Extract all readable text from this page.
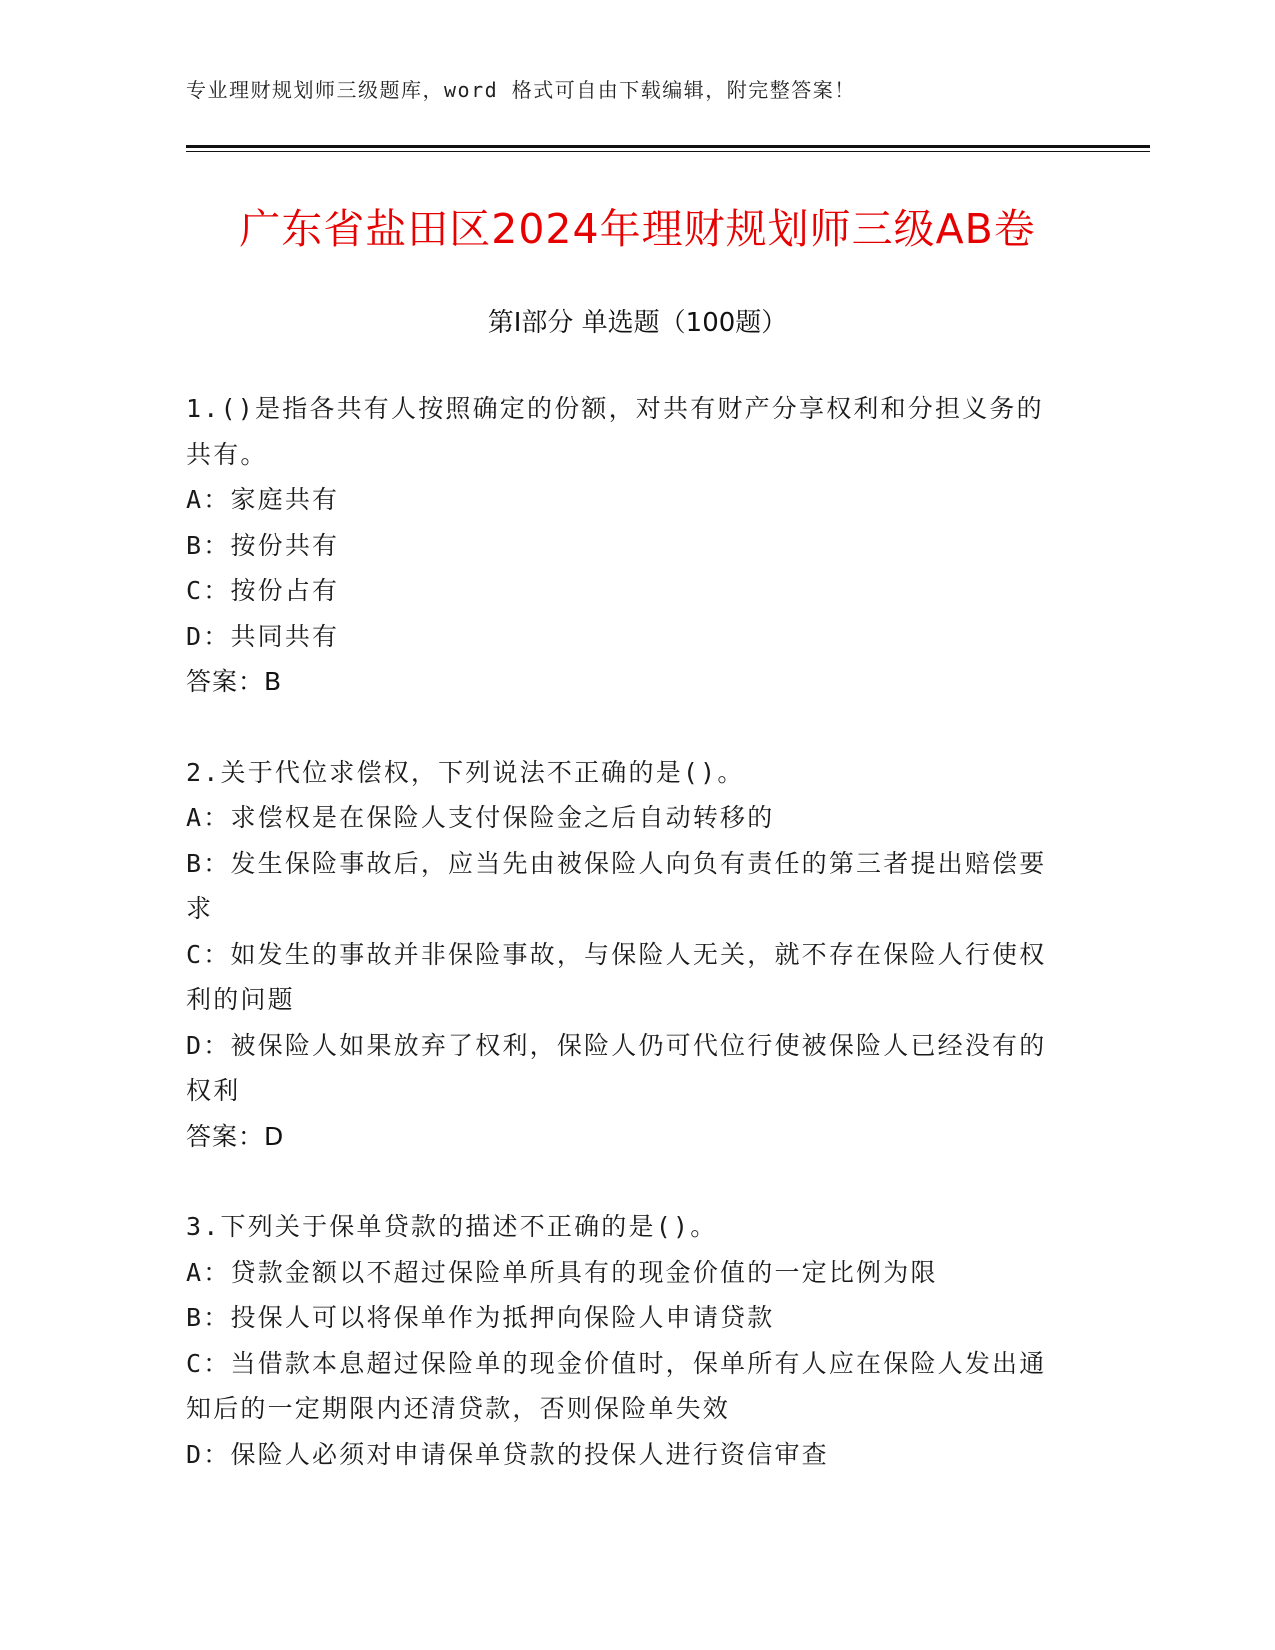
专业理财规划师三级题库，word 格式可自由下载编辑，附完整答案！
广东省盐田区2024年理财规划师三级AB卷
第I部分 单选题（100题）

1.()是指各共有人按照确定的份额，对共有财产分享权利和分担义务的共有。

A：家庭共有

B：按份共有

C：按份占有

D：共同共有

答案：B

2.关于代位求偿权，下列说法不正确的是()。

A：求偿权是在保险人支付保险金之后自动转移的

B：发生保险事故后，应当先由被保险人向负有责任的第三者提出赔偿要求

C：如发生的事故并非保险事故，与保险人无关，就不存在保险人行使权利的问题

D：被保险人如果放弃了权利，保险人仍可代位行使被保险人已经没有的权利

答案：D

3.下列关于保单贷款的描述不正确的是()。

A：贷款金额以不超过保险单所具有的现金价值的一定比例为限

B：投保人可以将保单作为抵押向保险人申请贷款

C：当借款本息超过保险单的现金价值时，保单所有人应在保险人发出通知后的一定期限内还清贷款，否则保险单失效

D：保险人必须对申请保单贷款的投保人进行资信审查
